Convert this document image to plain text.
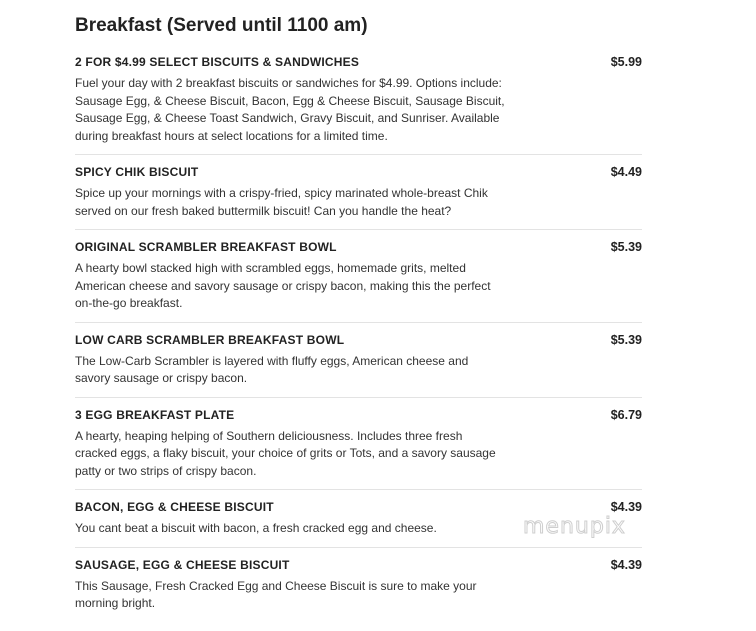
Breakfast (Served until 1100 am)
2 FOR $4.99 SELECT BISCUITS & SANDWICHES	$5.99
Fuel your day with 2 breakfast biscuits or sandwiches for $4.99. Options include:
Sausage Egg, & Cheese Biscuit, Bacon, Egg & Cheese Biscuit, Sausage Biscuit,
Sausage Egg, & Cheese Toast Sandwich, Gravy Biscuit, and Sunriser. Available
during breakfast hours at select locations for a limited time.
SPICY CHIK BISCUIT	$4.49
Spice up your mornings with a crispy-fried, spicy marinated whole-breast Chik
served on our fresh baked buttermilk biscuit! Can you handle the heat?
ORIGINAL SCRAMBLER BREAKFAST BOWL	$5.39
A hearty bowl stacked high with scrambled eggs, homemade grits, melted
American cheese and savory sausage or crispy bacon, making this the perfect
on-the-go breakfast.
LOW CARB SCRAMBLER BREAKFAST BOWL	$5.39
The Low-Carb Scrambler is layered with fluffy eggs, American cheese and
savory sausage or crispy bacon.
3 EGG BREAKFAST PLATE	$6.79
A hearty, heaping helping of Southern deliciousness. Includes three fresh
cracked eggs, a flaky biscuit, your choice of grits or Tots, and a savory sausage
patty or two strips of crispy bacon.
BACON, EGG & CHEESE BISCUIT	$4.39
You cant beat a biscuit with bacon, a fresh cracked egg and cheese.
SAUSAGE, EGG & CHEESE BISCUIT	$4.39
This Sausage, Fresh Cracked Egg and Cheese Biscuit is sure to make your
morning bright.
menupix
